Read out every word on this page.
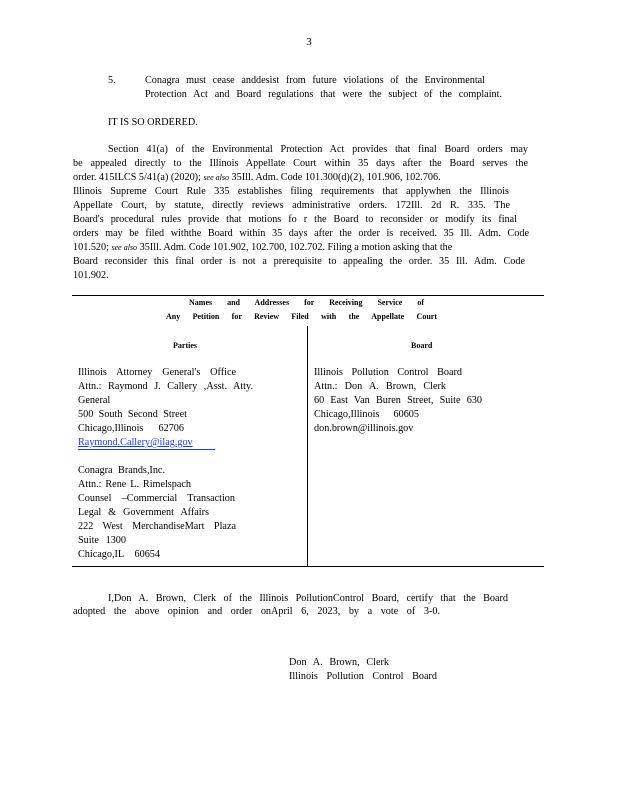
3
5.	Conagra must cease anddesist from future violations of the Environmental
Protection Act and Board regulations that were the subject of the complaint.
IT IS SO ORDERED.
Section 41(a) of the Environmental Protection Act provides that final Board orders may
be appealed directly to the Illinois Appellate Court within 35 days after the Board serves the
order. 415ILCS 5/41(a) (2020); see also 35Ill. Adm. Code 101.300(d)(2), 101.906, 102.706.
Illinois Supreme Court Rule 335 establishes filing requirements that applywhen the Illinois
Appellate Court, by statute, directly reviews administrative orders. 172Ill. 2d R. 335. The
Board's procedural rules provide that motions fo r the Board to reconsider or modify its final
orders may be filed withthe Board within 35 days after the order is received. 35 Ill. Adm. Code
101.520; see also 35Ill. Adm. Code 101.902, 102.700, 102.702. Filing a motion asking that the
Board reconsider this final order is not a prerequisite to appealing the order. 35 Ill. Adm. Code
101.902.
Names and Addresses for Receiving Service of
Any Petition for Review Filed with the Appellate Court
Parties	Board
Illinois Attorney General's Office
Attn.: Raymond J. Callery ,Asst. Atty.
General
500 South Second Street
Chicago,Illinois 62706
Raymond.Callery@ilag.gov
Conagra Brands,Inc.
Attn.: Rene L. Rimelspach
Counsel –Commercial Transaction
Legal & Government Affairs
222 West MerchandiseMart Plaza
Suite 1300
Chicago,IL 60654
Illinois Pollution Control Board
Attn.: Don A. Brown, Clerk
60 East Van Buren Street, Suite 630
Chicago,Illinois 60605
don.brown@illinois.gov
I,Don A. Brown, Clerk of the Illinois PollutionControl Board, certify that the Board
adopted the above opinion and order onApril 6, 2023, by a vote of 3-0.
Don A. Brown, Clerk
Illinois Pollution Control Board
